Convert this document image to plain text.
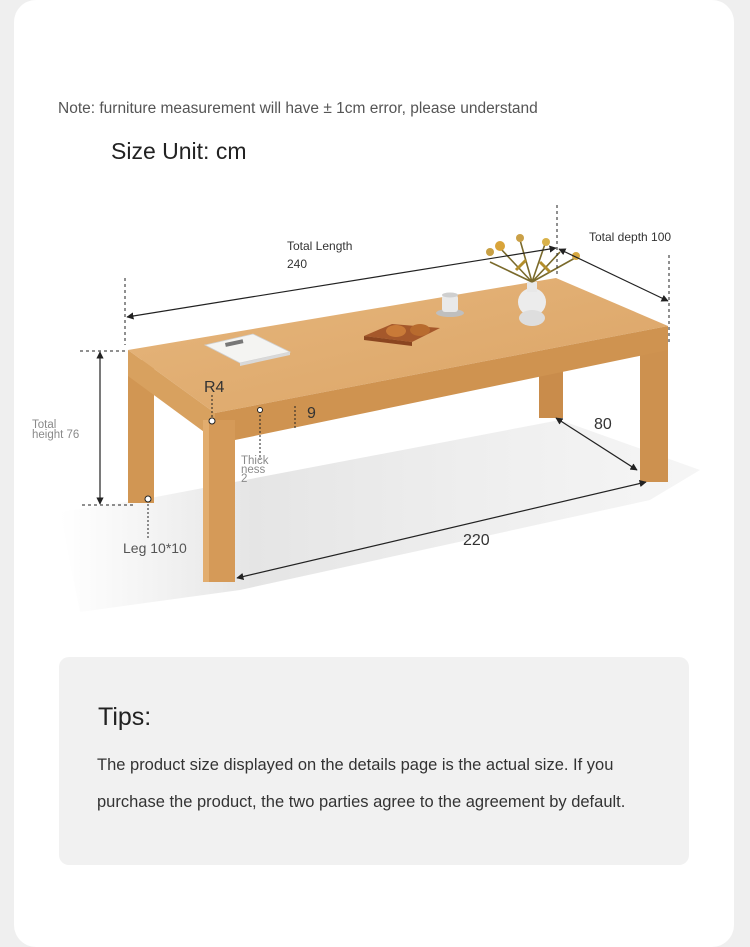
Note: furniture measurement will have ± 1cm error, please understand
Size Unit: cm
Total Length
240
Total depth 100
R4
9
Thick
ness
2
Total
height 76
80
220
Leg 10*10
Tips:
The product size displayed on the details page is the actual size. If you purchase the product, the two parties agree to the agreement by default.
